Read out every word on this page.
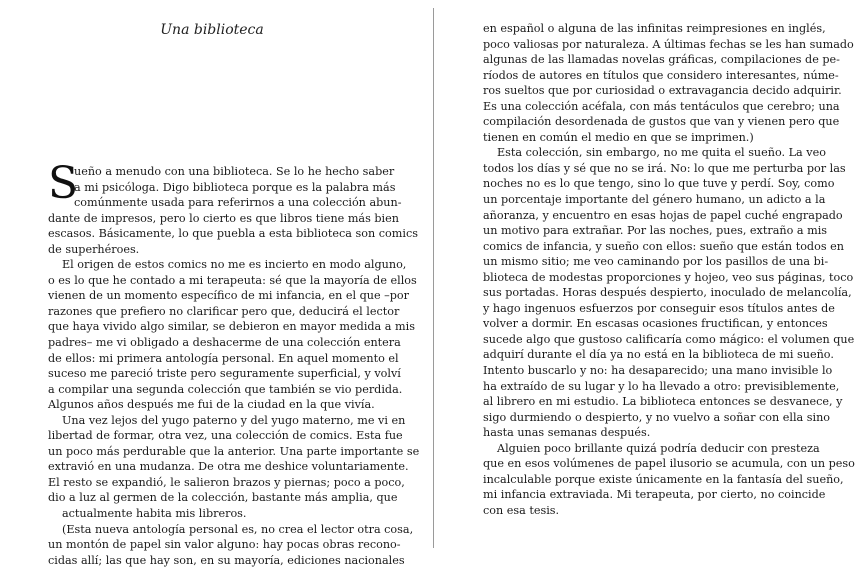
Una biblioteca
S
ueño a menudo con una biblioteca. Se lo he hecho saber
a mi psicóloga. Digo biblioteca porque es la palabra más
comúnmente usada para referirnos a una colección abun-
dante de impresos, pero lo cierto es que libros tiene más bien
escasos. Básicamente, lo que puebla a esta biblioteca son comics
de superhéroes.
El origen de estos comics no me es incierto en modo alguno,
o es lo que he contado a mi terapeuta: sé que la mayoría de ellos
vienen de un momento específico de mi infancia, en el que –por
razones que prefiero no clarificar pero que, deducirá el lector
que haya vivido algo similar, se debieron en mayor medida a mis
padres– me vi obligado a deshacerme de una colección entera
de ellos: mi primera antología personal. En aquel momento el
suceso me pareció triste pero seguramente superficial, y volví
a compilar una segunda colección que también se vio perdida.
Algunos años después me fui de la ciudad en la que vivía.
Una vez lejos del yugo paterno y del yugo materno, me vi en
libertad de formar, otra vez, una colección de comics. Esta fue
un poco más perdurable que la anterior. Una parte importante se
extravió en una mudanza. De otra me deshice voluntariamente.
El resto se expandió, le salieron brazos y piernas; poco a poco,
dio a luz al germen de la colección, bastante más amplia, que
actualmente habita mis libreros.
(Esta nueva antología personal es, no crea el lector otra cosa,
un montón de papel sin valor alguno: hay pocas obras recono-
cidas allí; las que hay son, en su mayoría, ediciones nacionales
en español o alguna de las infinitas reimpresiones en inglés,
poco valiosas por naturaleza. A últimas fechas se les han sumado
algunas de las llamadas novelas gráficas, compilaciones de pe-
ríodos de autores en títulos que considero interesantes, núme-
ros sueltos que por curiosidad o extravagancia decido adquirir.
Es una colección acéfala, con más tentáculos que cerebro; una
compilación desordenada de gustos que van y vienen pero que
tienen en común el medio en que se imprimen.)
Esta colección, sin embargo, no me quita el sueño. La veo
todos los días y sé que no se irá. No: lo que me perturba por las
noches no es lo que tengo, sino lo que tuve y perdí. Soy, como
un porcentaje importante del género humano, un adicto a la
añoranza, y encuentro en esas hojas de papel cuché engrapado
un motivo para extrañar. Por las noches, pues, extraño a mis
comics de infancia, y sueño con ellos: sueño que están todos en
un mismo sitio; me veo caminando por los pasillos de una bi-
blioteca de modestas proporciones y hojeo, veo sus páginas, toco
sus portadas. Horas después despierto, inoculado de melancolía,
y hago ingenuos esfuerzos por conseguir esos títulos antes de
volver a dormir. En escasas ocasiones fructifican, y entonces
sucede algo que gustoso calificaría como mágico: el volumen que
adquirí durante el día ya no está en la biblioteca de mi sueño.
Intento buscarlo y no: ha desaparecido; una mano invisible lo
ha extraído de su lugar y lo ha llevado a otro: previsiblemente,
al librero en mi estudio. La biblioteca entonces se desvanece, y
sigo durmiendo o despierto, y no vuelvo a soñar con ella sino
hasta unas semanas después.
Alguien poco brillante quizá podría deducir con presteza
que en esos volúmenes de papel ilusorio se acumula, con un peso
incalculable porque existe únicamente en la fantasía del sueño,
mi infancia extraviada. Mi terapeuta, por cierto, no coincide
con esa tesis.
